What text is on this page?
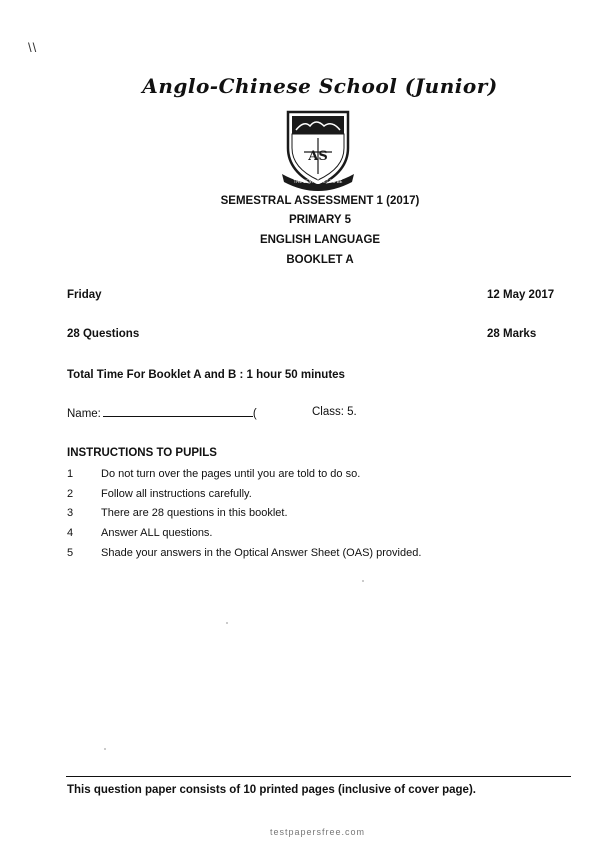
\\
Anglo-Chinese School (Junior)
AS
THE BEST IS YET TO BE
SEMESTRAL ASSESSMENT 1 (2017)
PRIMARY 5
ENGLISH LANGUAGE
BOOKLET A
Friday	12 May 2017
28 Questions	28 Marks
Total Time For Booklet A and B : 1 hour 50 minutes
Name:	(	Class: 5.
INSTRUCTIONS TO PUPILS
1	Do not turn over the pages until you are told to do so.
2	Follow all instructions carefully.
3	There are 28 questions in this booklet.
4	Answer ALL questions.
5	Shade your answers in the Optical Answer Sheet (OAS) provided.
This question paper consists of 10 printed pages (inclusive of cover page).
testpapersfree.com
